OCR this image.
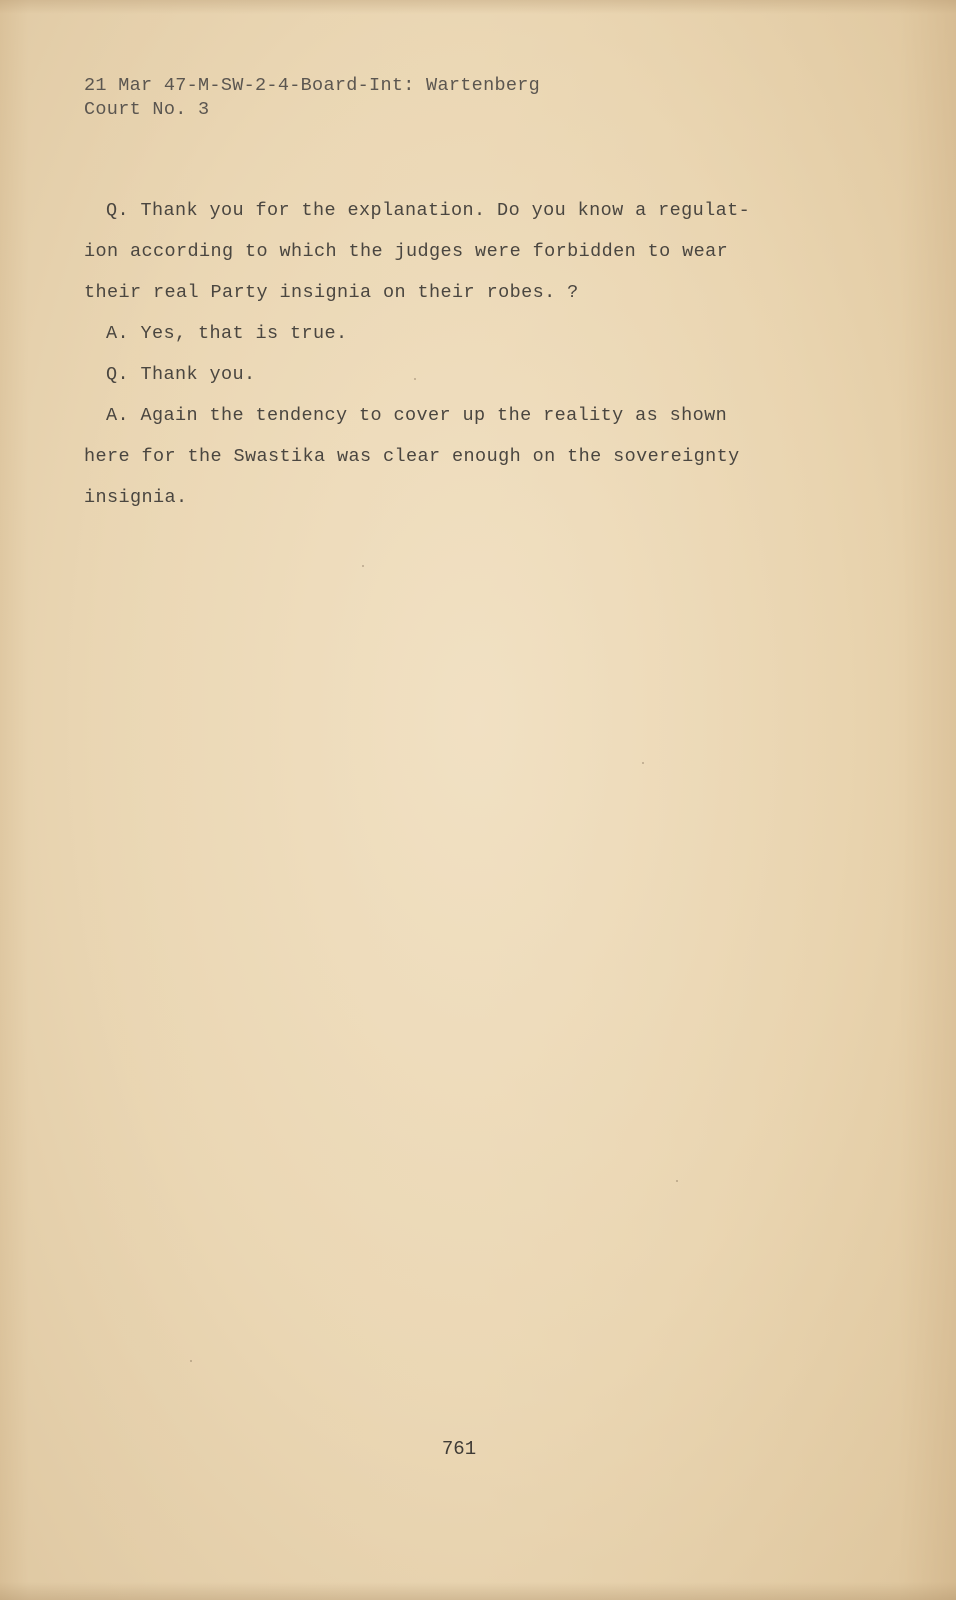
21 Mar 47-M-SW-2-4-Board-Int: Wartenberg
Court No. 3
Q. Thank you for the explanation. Do you know a regulat-
ion according to which the judges were forbidden to wear
their real Party insignia on their robes. ?
A. Yes, that is true.
Q. Thank you.
A. Again the tendency to cover up the reality as shown
here for the Swastika was clear enough on the sovereignty
insignia.
761
